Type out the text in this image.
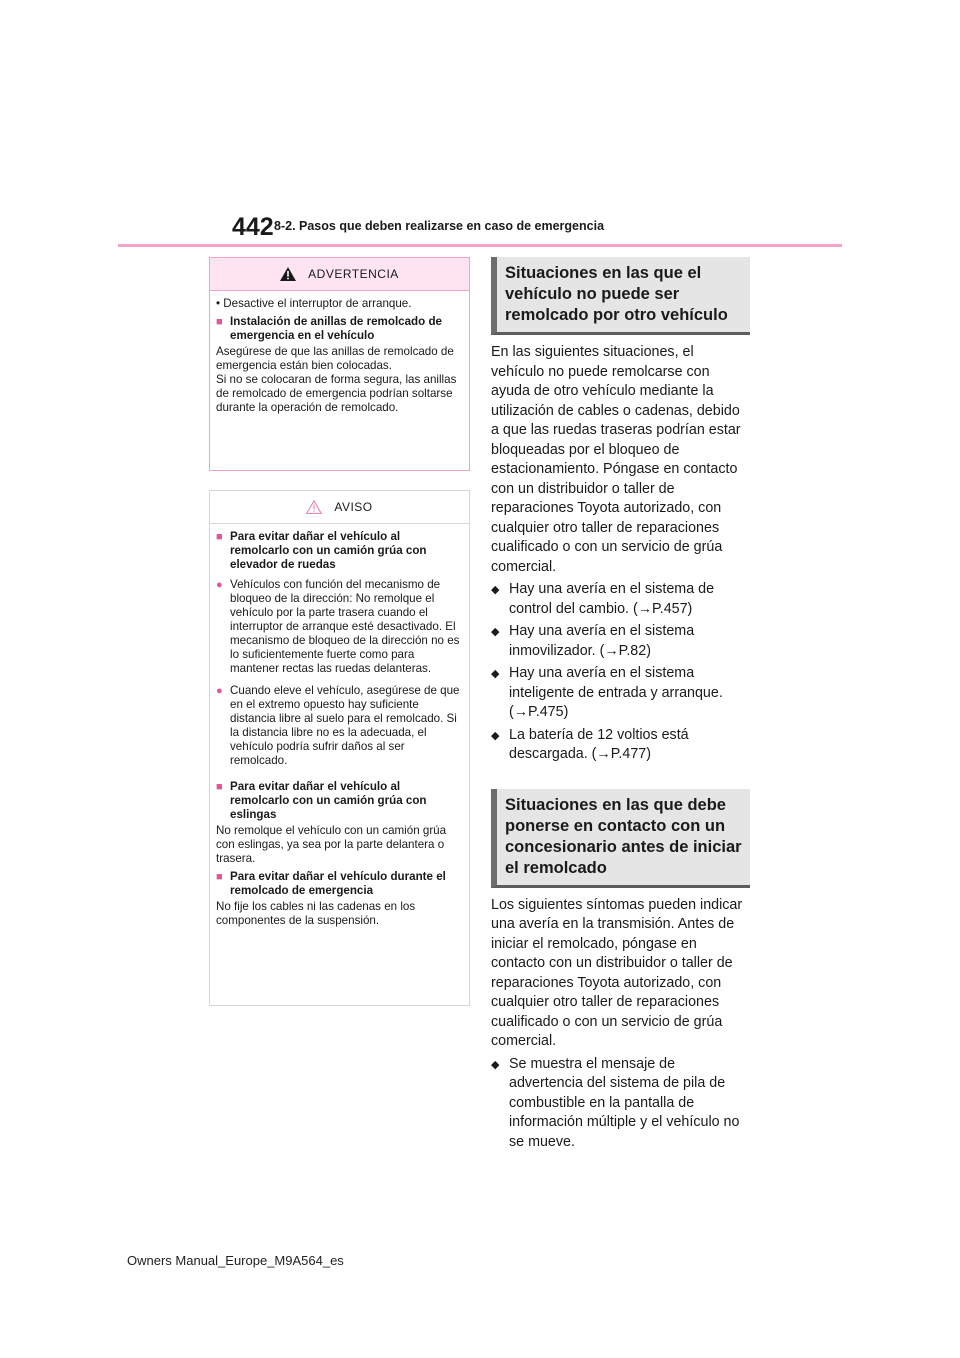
442 8-2. Pasos que deben realizarse en caso de emergencia
ADVERTENCIA

• Desactive el interruptor de arranque.

■ Instalación de anillas de remolcado de emergencia en el vehículo

Asegúrese de que las anillas de remolcado de emergencia están bien colocadas.

Si no se colocaran de forma segura, las anillas de remolcado de emergencia podrían soltarse durante la operación de remolcado.

AVISO
■ Para evitar dañar el vehículo al remolcarlo con un camión grúa con elevador de ruedas
● Vehículos con función del mecanismo de bloqueo de la dirección: No remolque el vehículo por la parte trasera cuando el interruptor de arranque esté desactivado. El mecanismo de bloqueo de la dirección no es lo suficientemente fuerte como para mantener rectas las ruedas delanteras.
● Cuando eleve el vehículo, asegúrese de que en el extremo opuesto hay suficiente distancia libre al suelo para el remolcado. Si la distancia libre no es la adecuada, el vehículo podría sufrir daños al ser remolcado.
■ Para evitar dañar el vehículo al remolcarlo con un camión grúa con eslingas

No remolque el vehículo con un camión grúa con eslingas, ya sea por la parte delantera o trasera.

■ Para evitar dañar el vehículo durante el remolcado de emergencia

No fije los cables ni las cadenas en los componentes de la suspensión.

Situaciones en las que el vehículo no puede ser remolcado por otro vehículo

En las siguientes situaciones, el vehículo no puede remolcarse con ayuda de otro vehículo mediante la utilización de cables o cadenas, debido a que las ruedas traseras podrían estar bloqueadas por el bloqueo de estacionamiento. Póngase en contacto con un distribuidor o taller de reparaciones Toyota autorizado, con cualquier otro taller de reparaciones cualificado o con un servicio de grúa comercial.

◆ Hay una avería en el sistema de control del cambio. (→P.457)
◆ Hay una avería en el sistema inmovilizador. (→P.82)
◆ Hay una avería en el sistema inteligente de entrada y arranque. (→P.475)
◆ La batería de 12 voltios está descargada. (→P.477)
Situaciones en las que debe ponerse en contacto con un concesionario antes de iniciar el remolcado

Los siguientes síntomas pueden indicar una avería en la transmisión. Antes de iniciar el remolcado, póngase en contacto con un distribuidor o taller de reparaciones Toyota autorizado, con cualquier otro taller de reparaciones cualificado o con un servicio de grúa comercial.

◆ Se muestra el mensaje de advertencia del sistema de pila de combustible en la pantalla de información múltiple y el vehículo no se mueve.
Owners Manual_Europe_M9A564_es
